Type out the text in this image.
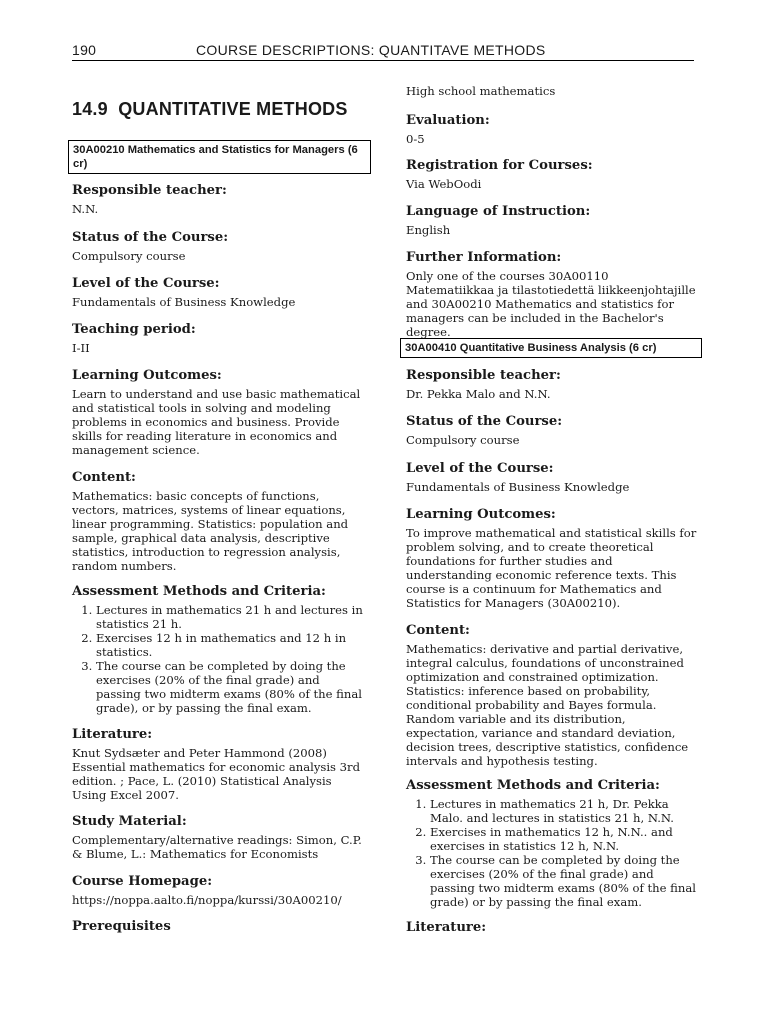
190	COURSE DESCRIPTIONS: QUANTITAVE METHODS
14.9  QUANTITATIVE METHODS
30A00210 Mathematics and Statistics for Managers (6 cr)
Responsible teacher:
N.N.
Status of the Course:
Compulsory course
Level of the Course:
Fundamentals of Business Knowledge
Teaching period:
I-II
Learning Outcomes:
Learn to understand and use basic mathematical and statistical tools in solving and modeling problems in economics and business. Provide skills for reading literature in economics and management science.
Content:
Mathematics: basic concepts of functions, vectors, matrices, systems of linear equations, linear programming. Statistics: population and sample, graphical data analysis, descriptive statistics, introduction to regression analysis, random numbers.
Assessment Methods and Criteria:
1. Lectures in mathematics 21 h and lectures in statistics 21 h.
2. Exercises 12 h in mathematics and 12 h in statistics.
3. The course can be completed by doing the exercises (20% of the final grade) and passing two midterm exams (80% of the final grade), or by passing the final exam.
Literature:
Knut Sydsæter and Peter Hammond (2008) Essential mathematics for economic analysis 3rd edition. ; Pace, L. (2010) Statistical Analysis Using Excel 2007.
Study Material:
Complementary/alternative readings: Simon, C.P. & Blume, L.: Mathematics for Economists
Course Homepage:
https://noppa.aalto.fi/noppa/kurssi/30A00210/
Prerequisites
High school mathematics
Evaluation:
0-5
Registration for Courses:
Via WebOodi
Language of Instruction:
English
Further Information:
Only one of the courses 30A00110 Matematiikkaa ja tilastotiedettä liikkeenjohtajille and 30A00210 Mathematics and statistics for managers can be included in the Bachelor's degree.
30A00410 Quantitative Business Analysis (6 cr)
Responsible teacher:
Dr. Pekka Malo and N.N.
Status of the Course:
Compulsory course
Level of the Course:
Fundamentals of Business Knowledge
Learning Outcomes:
To improve mathematical and statistical skills for problem solving, and to create theoretical foundations for further studies and understanding economic reference texts. This course is a continuum for Mathematics and Statistics for Managers (30A00210).
Content:
Mathematics: derivative and partial derivative, integral calculus, foundations of unconstrained optimization and constrained optimization. Statistics: inference based on probability, conditional probability and Bayes formula. Random variable and its distribution, expectation, variance and standard deviation, decision trees, descriptive statistics, confidence intervals and hypothesis testing.
Assessment Methods and Criteria:
1. Lectures in mathematics 21 h, Dr. Pekka Malo. and lectures in statistics 21 h, N.N.
2. Exercises in mathematics 12 h, N.N.. and exercises in statistics 12 h, N.N.
3. The course can be completed by doing the exercises (20% of the final grade) and passing two midterm exams (80% of the final grade) or by passing the final exam.
Literature:
